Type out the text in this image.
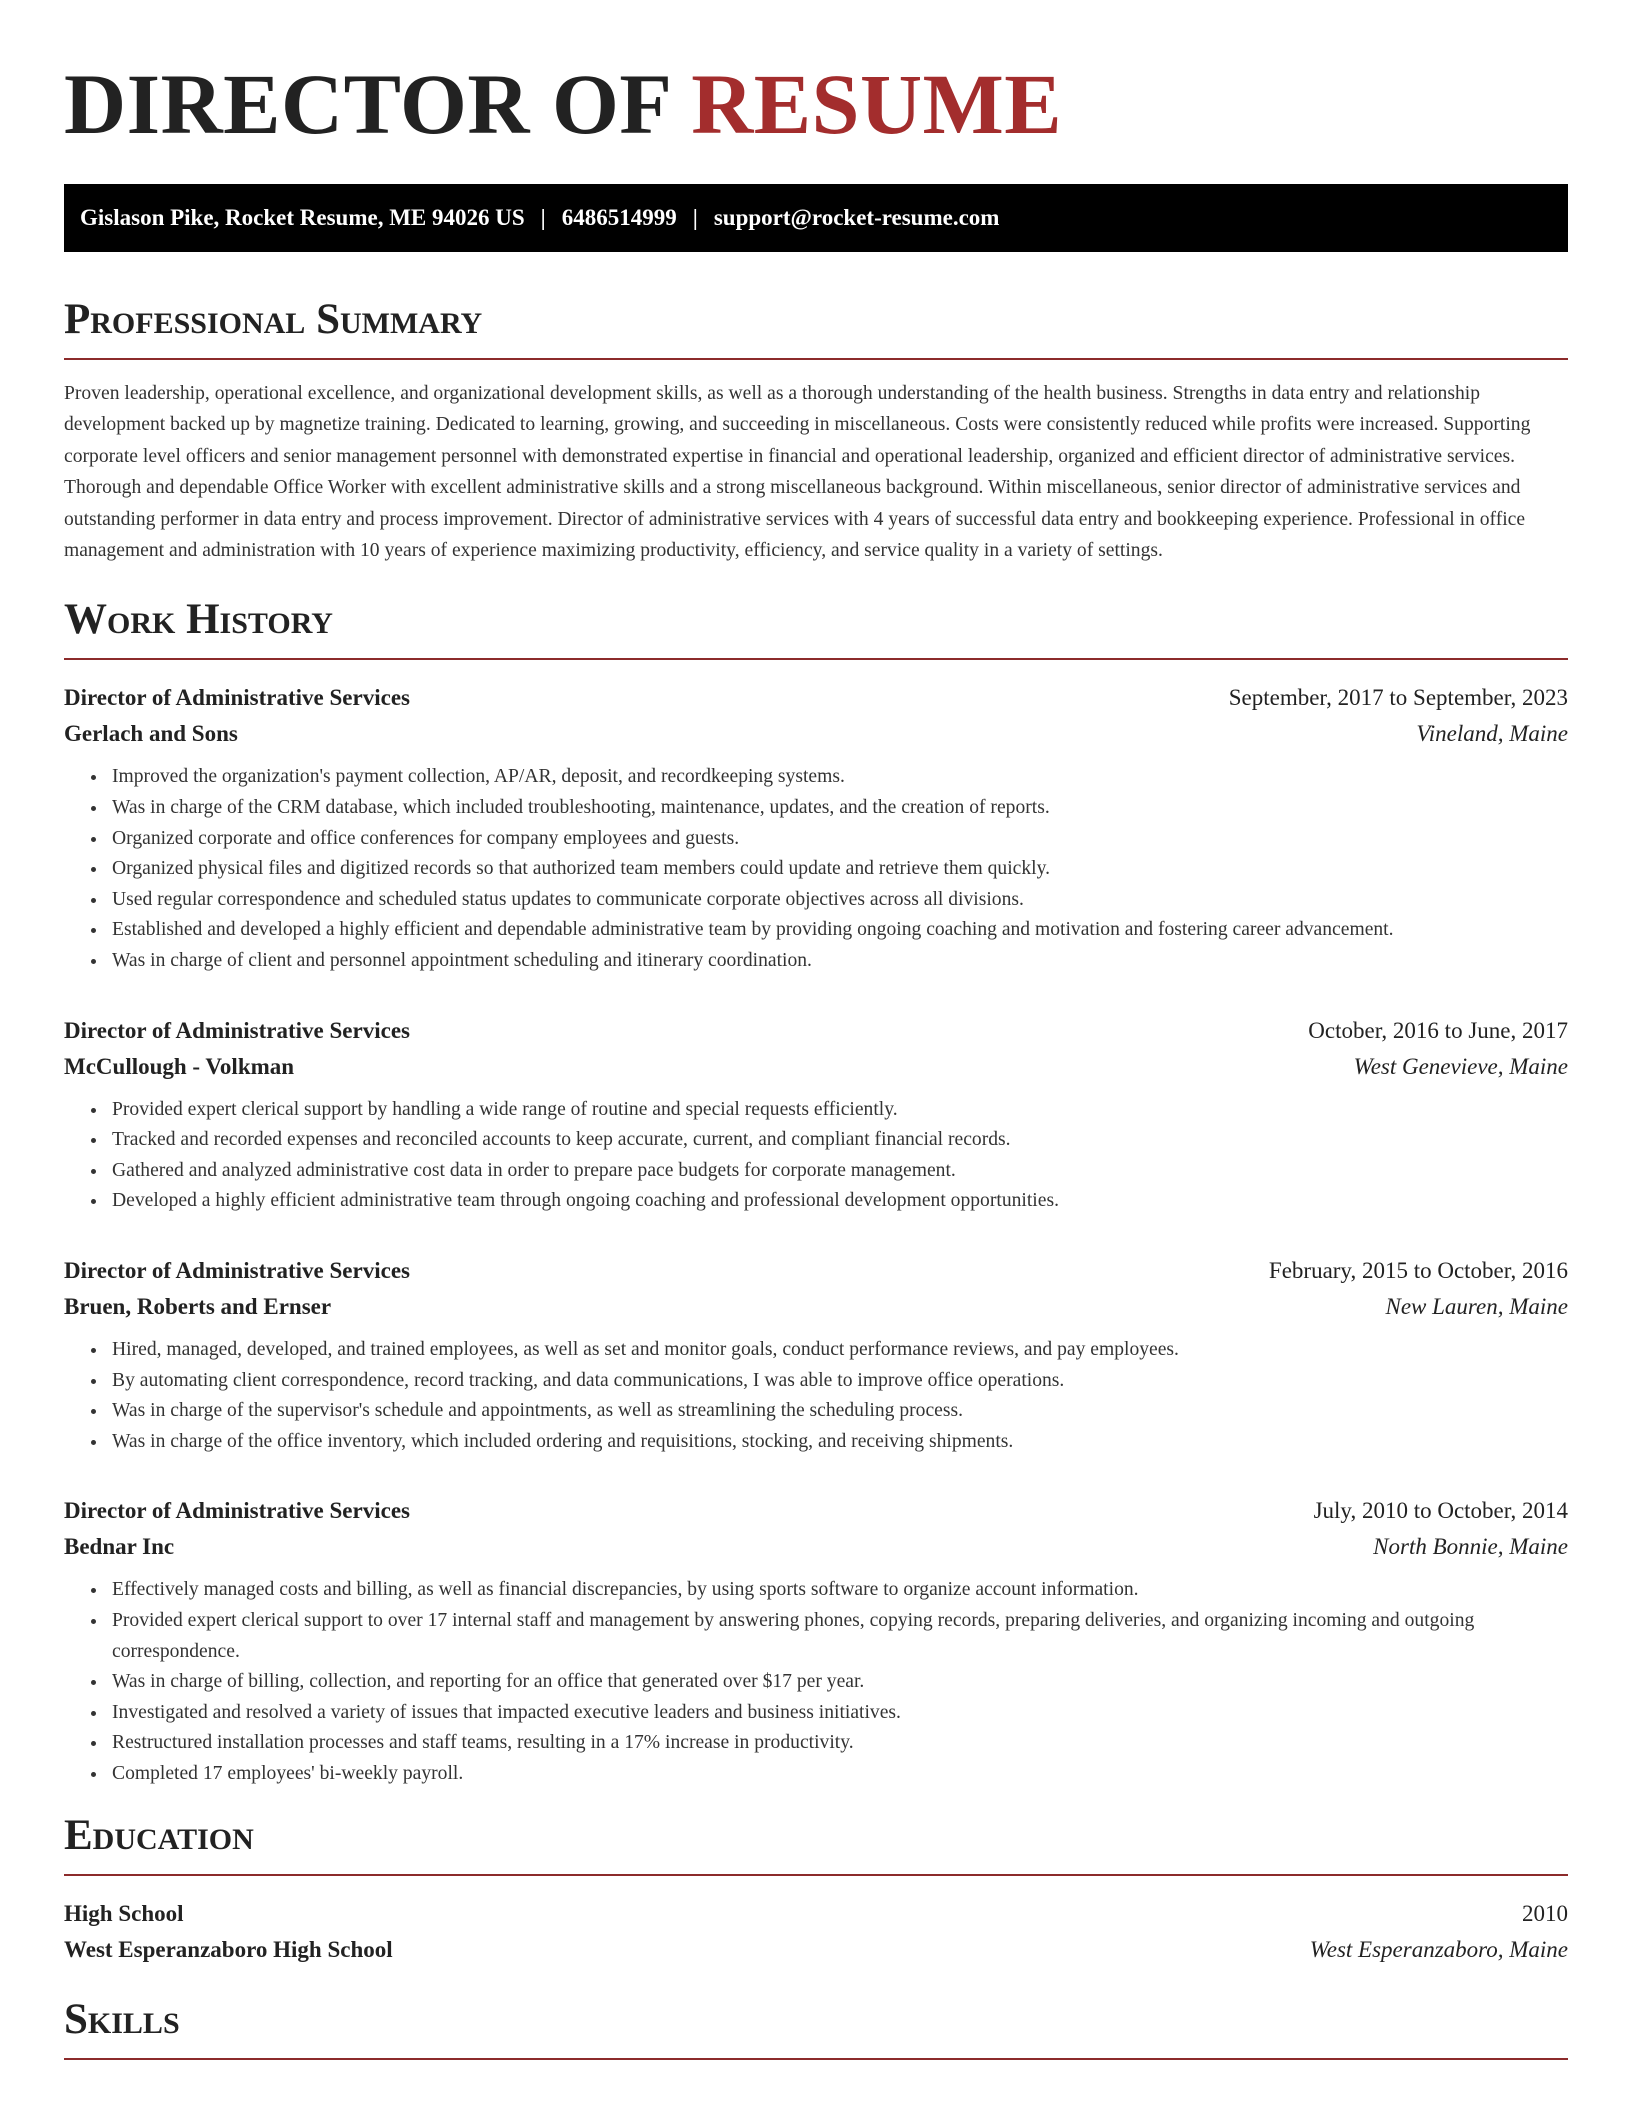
DIRECTOR OF RESUME
Gislason Pike, Rocket Resume, ME 94026 US | 6486514999 | support@rocket-resume.com
Professional Summary

Proven leadership, operational excellence, and organizational development skills, as well as a thorough understanding of the health business. Strengths in data entry and relationship development backed up by magnetize training. Dedicated to learning, growing, and succeeding in miscellaneous. Costs were consistently reduced while profits were increased. Supporting corporate level officers and senior management personnel with demonstrated expertise in financial and operational leadership, organized and efficient director of administrative services. Thorough and dependable Office Worker with excellent administrative skills and a strong miscellaneous background. Within miscellaneous, senior director of administrative services and outstanding performer in data entry and process improvement. Director of administrative services with 4 years of successful data entry and bookkeeping experience. Professional in office management and administration with 10 years of experience maximizing productivity, efficiency, and service quality in a variety of settings.

Work History
Director of Administrative Services	September, 2017 to September, 2023
Gerlach and Sons	Vineland, Maine
• Improved the organization's payment collection, AP/AR, deposit, and recordkeeping systems.
• Was in charge of the CRM database, which included troubleshooting, maintenance, updates, and the creation of reports.
• Organized corporate and office conferences for company employees and guests.
• Organized physical files and digitized records so that authorized team members could update and retrieve them quickly.
• Used regular correspondence and scheduled status updates to communicate corporate objectives across all divisions.
• Established and developed a highly efficient and dependable administrative team by providing ongoing coaching and motivation and fostering career advancement.
• Was in charge of client and personnel appointment scheduling and itinerary coordination.
Director of Administrative Services	October, 2016 to June, 2017
McCullough - Volkman	West Genevieve, Maine
• Provided expert clerical support by handling a wide range of routine and special requests efficiently.
• Tracked and recorded expenses and reconciled accounts to keep accurate, current, and compliant financial records.
• Gathered and analyzed administrative cost data in order to prepare pace budgets for corporate management.
• Developed a highly efficient administrative team through ongoing coaching and professional development opportunities.
Director of Administrative Services	February, 2015 to October, 2016
Bruen, Roberts and Ernser	New Lauren, Maine
• Hired, managed, developed, and trained employees, as well as set and monitor goals, conduct performance reviews, and pay employees.
• By automating client correspondence, record tracking, and data communications, I was able to improve office operations.
• Was in charge of the supervisor's schedule and appointments, as well as streamlining the scheduling process.
• Was in charge of the office inventory, which included ordering and requisitions, stocking, and receiving shipments.
Director of Administrative Services	July, 2010 to October, 2014
Bednar Inc	North Bonnie, Maine
• Effectively managed costs and billing, as well as financial discrepancies, by using sports software to organize account information.
• Provided expert clerical support to over 17 internal staff and management by answering phones, copying records, preparing deliveries, and organizing incoming and outgoing correspondence.
• Was in charge of billing, collection, and reporting for an office that generated over $17 per year.
• Investigated and resolved a variety of issues that impacted executive leaders and business initiatives.
• Restructured installation processes and staff teams, resulting in a 17% increase in productivity.
• Completed 17 employees' bi-weekly payroll.
Education
High School	2010
West Esperanzaboro High School	West Esperanzaboro, Maine
Skills
